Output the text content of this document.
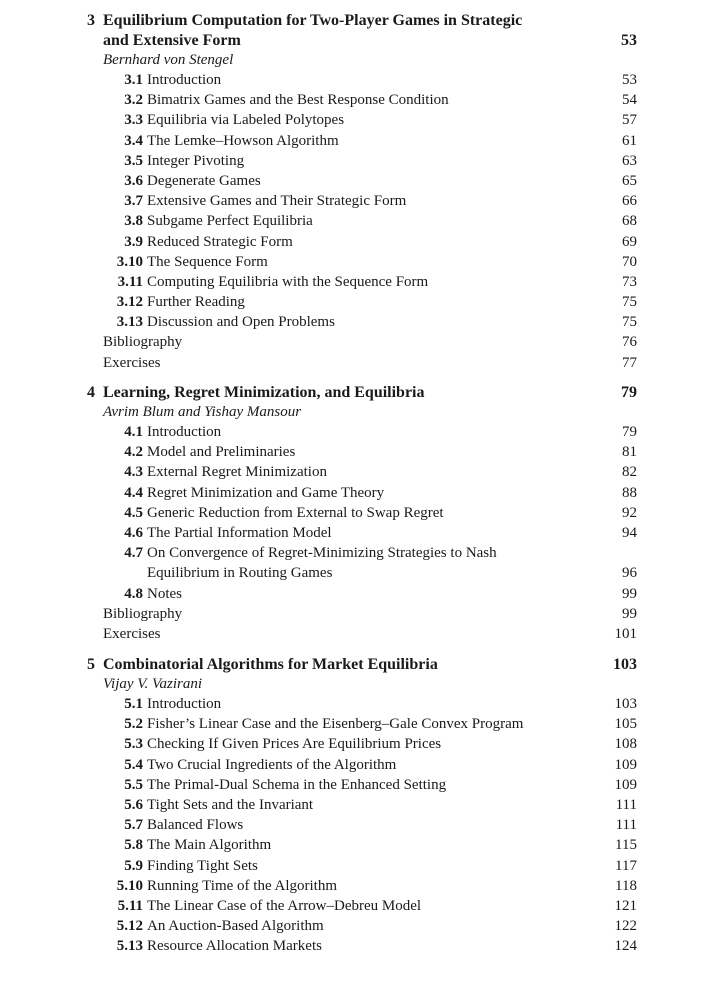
3 Equilibrium Computation for Two-Player Games in Strategic
and Extensive Form	53
Bernhard von Stengel
3.1 Introduction	53
3.2 Bimatrix Games and the Best Response Condition	54
3.3 Equilibria via Labeled Polytopes	57
3.4 The Lemke–Howson Algorithm	61
3.5 Integer Pivoting	63
3.6 Degenerate Games	65
3.7 Extensive Games and Their Strategic Form	66
3.8 Subgame Perfect Equilibria	68
3.9 Reduced Strategic Form	69
3.10 The Sequence Form	70
3.11 Computing Equilibria with the Sequence Form	73
3.12 Further Reading	75
3.13 Discussion and Open Problems	75
Bibliography	76
Exercises	77
4 Learning, Regret Minimization, and Equilibria	79
Avrim Blum and Yishay Mansour
4.1 Introduction	79
4.2 Model and Preliminaries	81
4.3 External Regret Minimization	82
4.4 Regret Minimization and Game Theory	88
4.5 Generic Reduction from External to Swap Regret	92
4.6 The Partial Information Model	94
4.7 On Convergence of Regret-Minimizing Strategies to Nash
Equilibrium in Routing Games	96
4.8 Notes	99
Bibliography	99
Exercises	101
5 Combinatorial Algorithms for Market Equilibria	103
Vijay V. Vazirani
5.1 Introduction	103
5.2 Fisher’s Linear Case and the Eisenberg–Gale Convex Program	105
5.3 Checking If Given Prices Are Equilibrium Prices	108
5.4 Two Crucial Ingredients of the Algorithm	109
5.5 The Primal-Dual Schema in the Enhanced Setting	109
5.6 Tight Sets and the Invariant	111
5.7 Balanced Flows	111
5.8 The Main Algorithm	115
5.9 Finding Tight Sets	117
5.10 Running Time of the Algorithm	118
5.11 The Linear Case of the Arrow–Debreu Model	121
5.12 An Auction-Based Algorithm	122
5.13 Resource Allocation Markets	124
